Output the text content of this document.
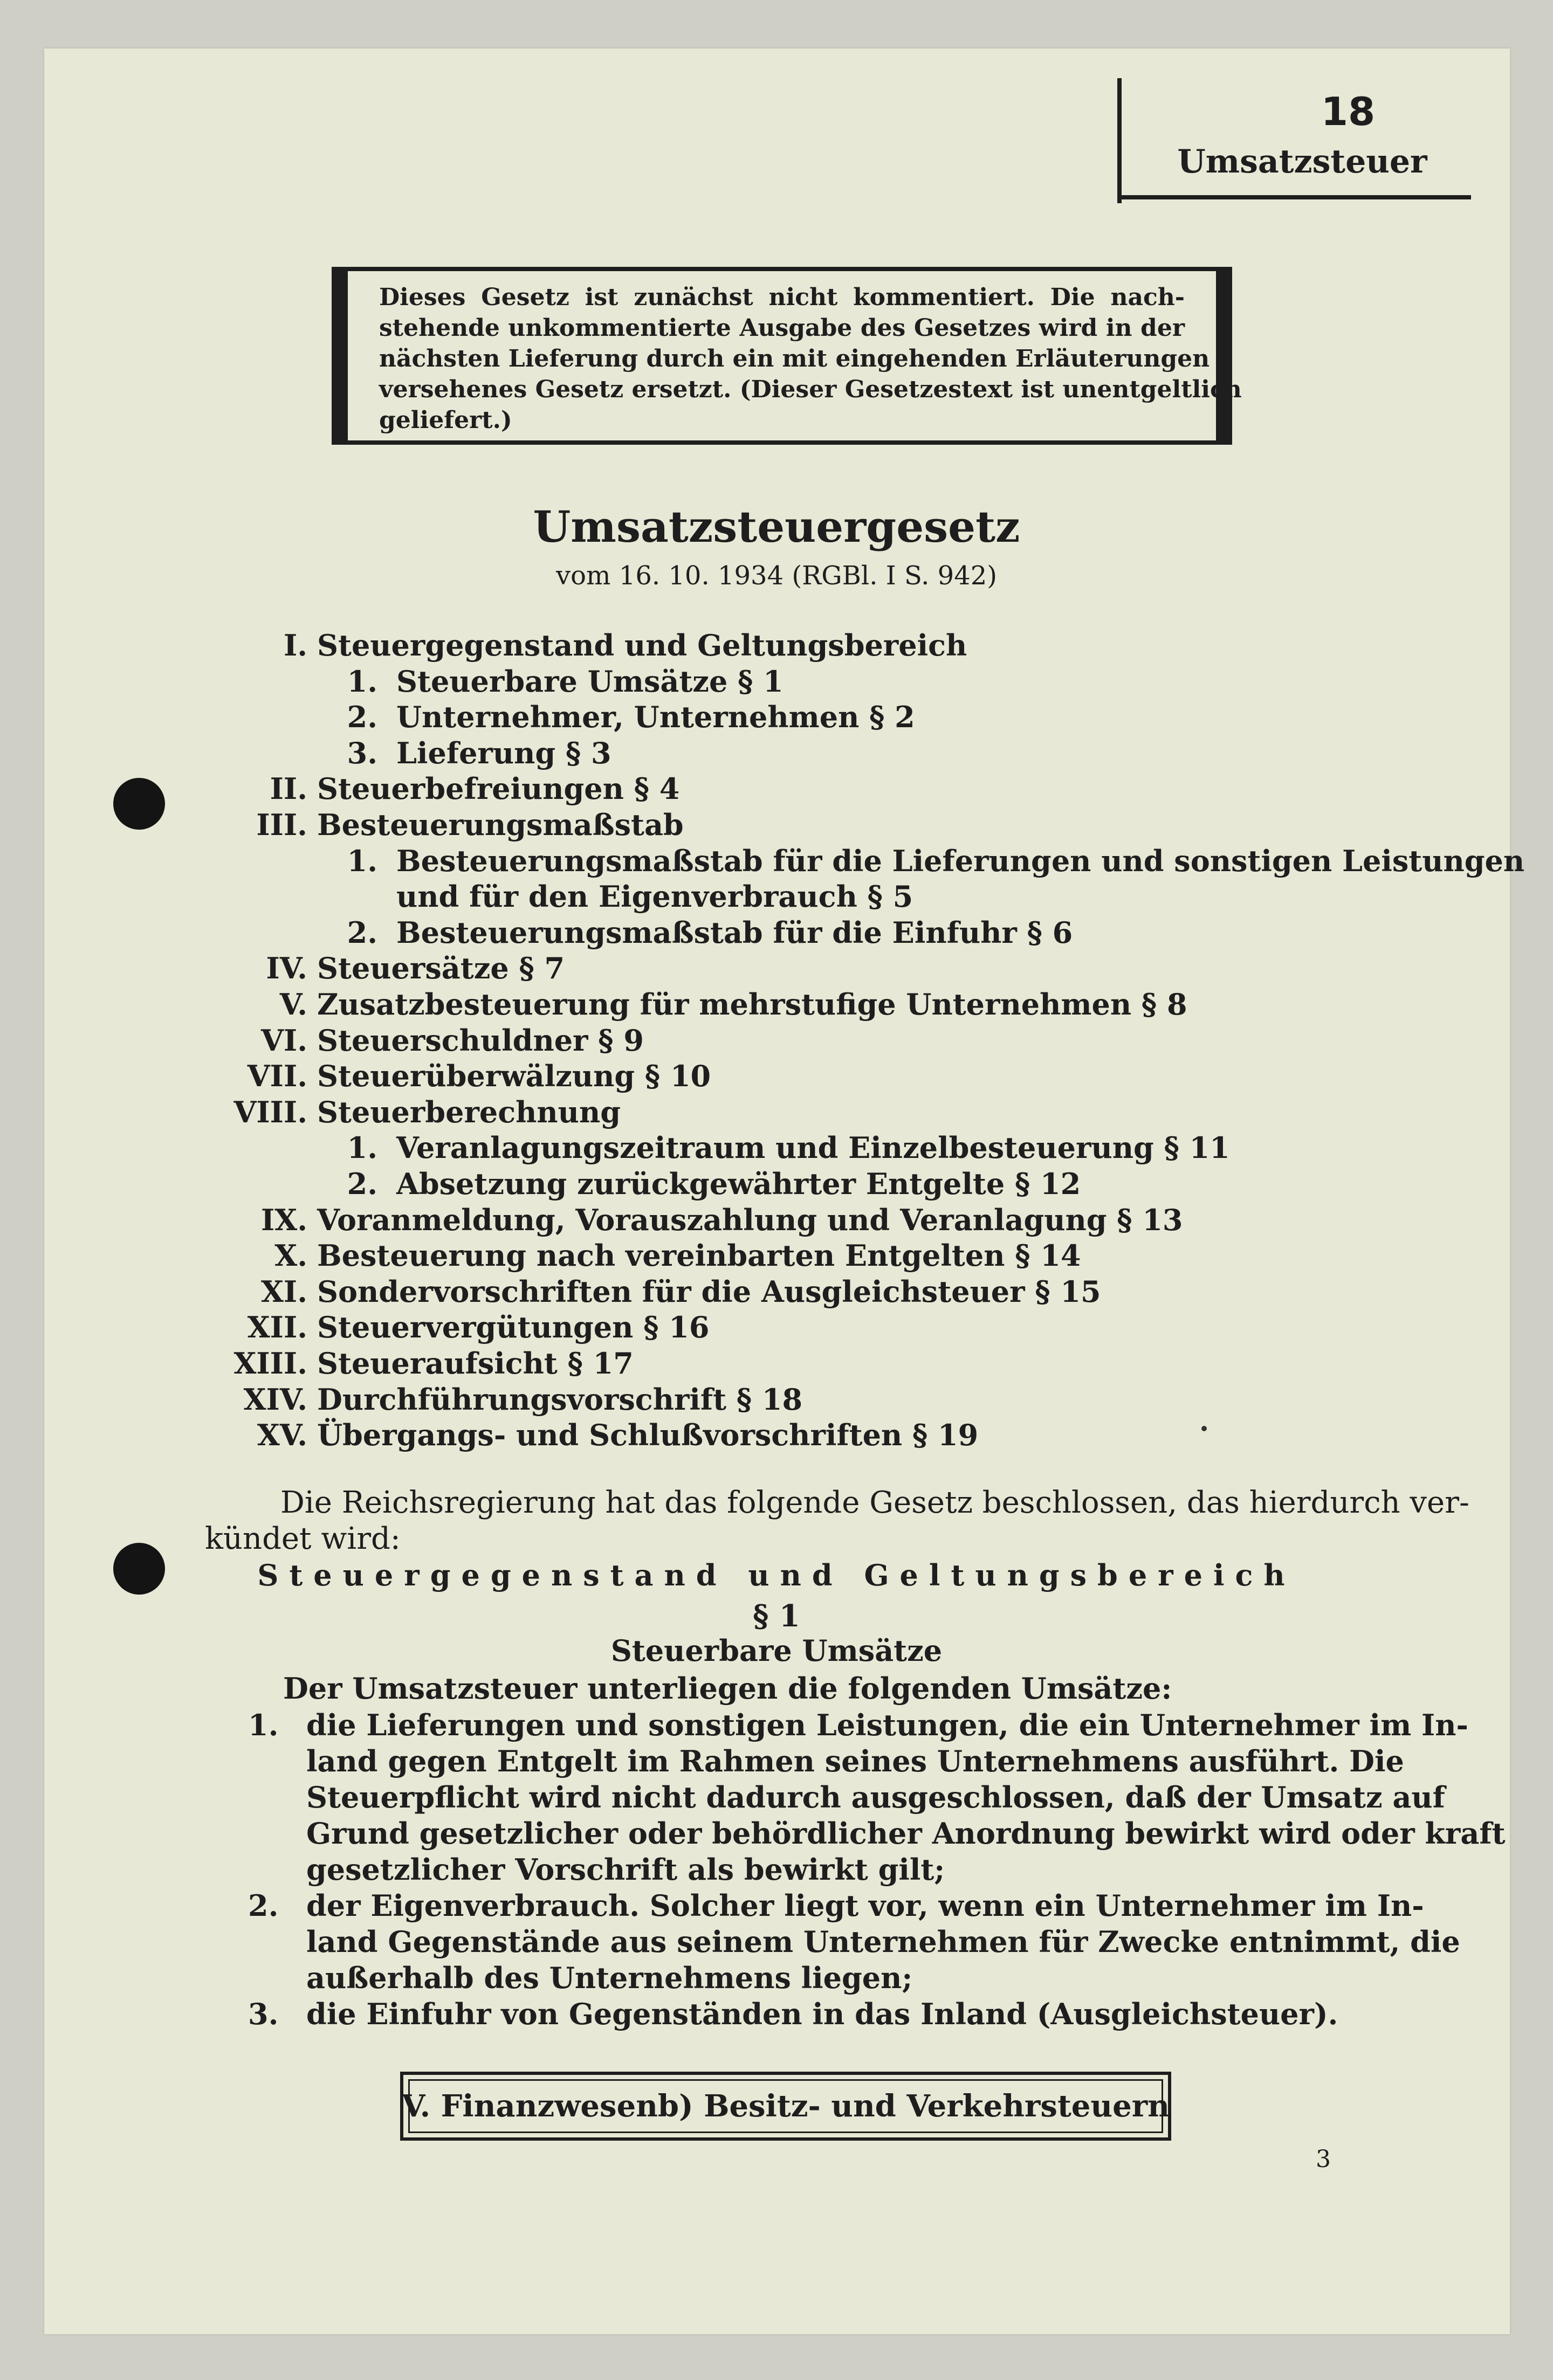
18
Umsatzsteuer
Dieses Gesetz ist zunächst nicht kommentiert. Die nach-
stehende unkommentierte Ausgabe des Gesetzes wird in der
nächsten Lieferung durch ein mit eingehenden Erläuterungen
versehenes Gesetz ersetzt. (Dieser Gesetzestext ist unentgeltlich
geliefert.)
Umsatzsteuergesetz
vom 16. 10. 1934 (RGBl. I S. 942)
I. Steuergegenstand und Geltungsbereich
1. Steuerbare Umsätze § 1
2. Unternehmer, Unternehmen § 2
3. Lieferung § 3
II. Steuerbefreiungen § 4
III. Besteuerungsmaßstab
1. Besteuerungsmaßstab für die Lieferungen und sonstigen Leistungen
und für den Eigenverbrauch § 5
2. Besteuerungsmaßstab für die Einfuhr § 6
IV. Steuersätze § 7
V. Zusatzbesteuerung für mehrstufige Unternehmen § 8
VI. Steuerschuldner § 9
VII. Steuerüberwälzung § 10
VIII. Steuerberechnung
1. Veranlagungszeitraum und Einzelbesteuerung § 11
2. Absetzung zurückgewährter Entgelte § 12
IX. Voranmeldung, Vorauszahlung und Veranlagung § 13
X. Besteuerung nach vereinbarten Entgelten § 14
XI. Sondervorschriften für die Ausgleichsteuer § 15
XII. Steuervergütungen § 16
XIII. Steueraufsicht § 17
XIV. Durchführungsvorschrift § 18
XV. Übergangs- und Schlußvorschriften § 19
Die Reichsregierung hat das folgende Gesetz beschlossen, das hierdurch ver-
kündet wird:
Steuergegenstand und Geltungsbereich
§ 1
Steuerbare Umsätze
Der Umsatzsteuer unterliegen die folgenden Umsätze:
1. die Lieferungen und sonstigen Leistungen, die ein Unternehmer im In-
land gegen Entgelt im Rahmen seines Unternehmens ausführt. Die
Steuerpflicht wird nicht dadurch ausgeschlossen, daß der Umsatz auf
Grund gesetzlicher oder behördlicher Anordnung bewirkt wird oder kraft
gesetzlicher Vorschrift als bewirkt gilt;
2. der Eigenverbrauch. Solcher liegt vor, wenn ein Unternehmer im In-
land Gegenstände aus seinem Unternehmen für Zwecke entnimmt, die
außerhalb des Unternehmens liegen;
3. die Einfuhr von Gegenständen in das Inland (Ausgleichsteuer).
V. Finanzwesen b) Besitz- und Verkehrsteuern
3
